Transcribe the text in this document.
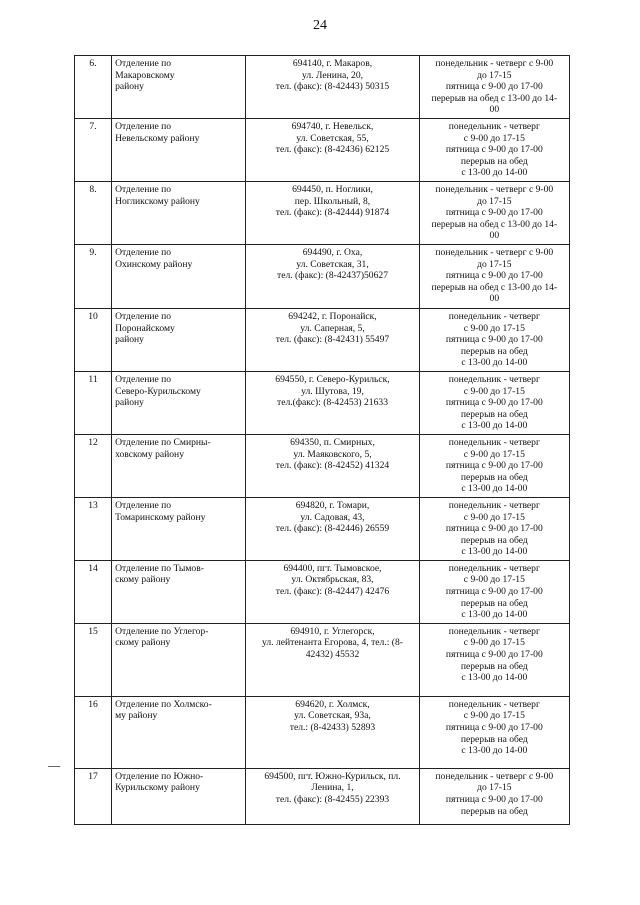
24
6.	Отделение по
Макаровскому
району	694140, г. Макаров,
ул. Ленина, 20,
тел. (факс): (8-42443) 50315	понедельник - четверг с 9-00
до 17-15
пятница с 9-00 до 17-00
перерыв на обед с 13-00 до 14-
00

7.	Отделение по
Невельскому району	694740, г. Невельск,
ул. Советская, 55,
тел. (факс): (8-42436) 62125	понедельник - четверг
с 9-00 до 17-15
пятница с 9-00 до 17-00
перерыв на обед
с 13-00 до 14-00

8.	Отделение по
Ногликскому району	694450, п. Ноглики,
пер. Школьный, 8,
тел. (факс): (8-42444) 91874	понедельник - четверг с 9-00
до 17-15
пятница с 9-00 до 17-00
перерыв на обед с 13-00 до 14-
00

9.	Отделение по
Охинскому району	694490, г. Оха,
ул. Советская, 31,
тел. (факс): (8-42437)50627	понедельник - четверг с 9-00
до 17-15
пятница с 9-00 до 17-00
перерыв на обед с 13-00 до 14-
00

10	Отделение по
Поронайскому
району	694242, г. Поронайск,
ул. Саперная, 5,
тел. (факс): (8-42431) 55497	понедельник - четверг
с 9-00 до 17-15
пятница с 9-00 до 17-00
перерыв на обед
с 13-00 до 14-00

11	Отделение по
Северо-Курильскому
району	694550, г. Северо-Курильск,
ул. Шутова, 19,
тел.(факс): (8-42453) 21633	понедельник - четверг
с 9-00 до 17-15
пятница с 9-00 до 17-00
перерыв на обед
с 13-00 до 14-00

12	Отделение по Смирны-
ховскому району	694350, п. Смирных,
ул. Маяковского, 5,
тел. (факс): (8-42452) 41324	понедельник - четверг
с 9-00 до 17-15
пятница с 9-00 до 17-00
перерыв на обед
с 13-00 до 14-00

13	Отделение по
Томаринскому району	694820, г. Томари,
ул. Садовая, 43,
тел. (факс): (8-42446) 26559	понедельник - четверг
с 9-00 до 17-15
пятница с 9-00 до 17-00
перерыв на обед
с 13-00 до 14-00

14	Отделение по Тымов-
скому району	694400, пгт. Тымовское,
ул. Октябрьская, 83,
тел. (факс): (8-42447) 42476	понедельник - четверг
с 9-00 до 17-15
пятница с 9-00 до 17-00
перерыв на обед
с 13-00 до 14-00

15	Отделение по Углегор-
скому району	694910, г. Углегорск,
ул. лейтенанта Егорова, 4, тел.: (8-
42432) 45532	понедельник - четверг
с 9-00 до 17-15
пятница с 9-00 до 17-00
перерыв на обед
с 13-00 до 14-00

16	Отделение по Холмско-
му району	694620, г. Холмск,
ул. Советская, 93а,
тел.: (8-42433) 52893	понедельник - четверг
с 9-00 до 17-15
пятница с 9-00 до 17-00
перерыв на обед
с 13-00 до 14-00

17	Отделение по Южно-
Курильскому району	694500, пгт. Южно-Курильск, пл.
Ленина, 1,
тел. (факс): (8-42455) 22393	понедельник - четверг с 9-00
до 17-15
пятница с 9-00 до 17-00
перерыв на обед
